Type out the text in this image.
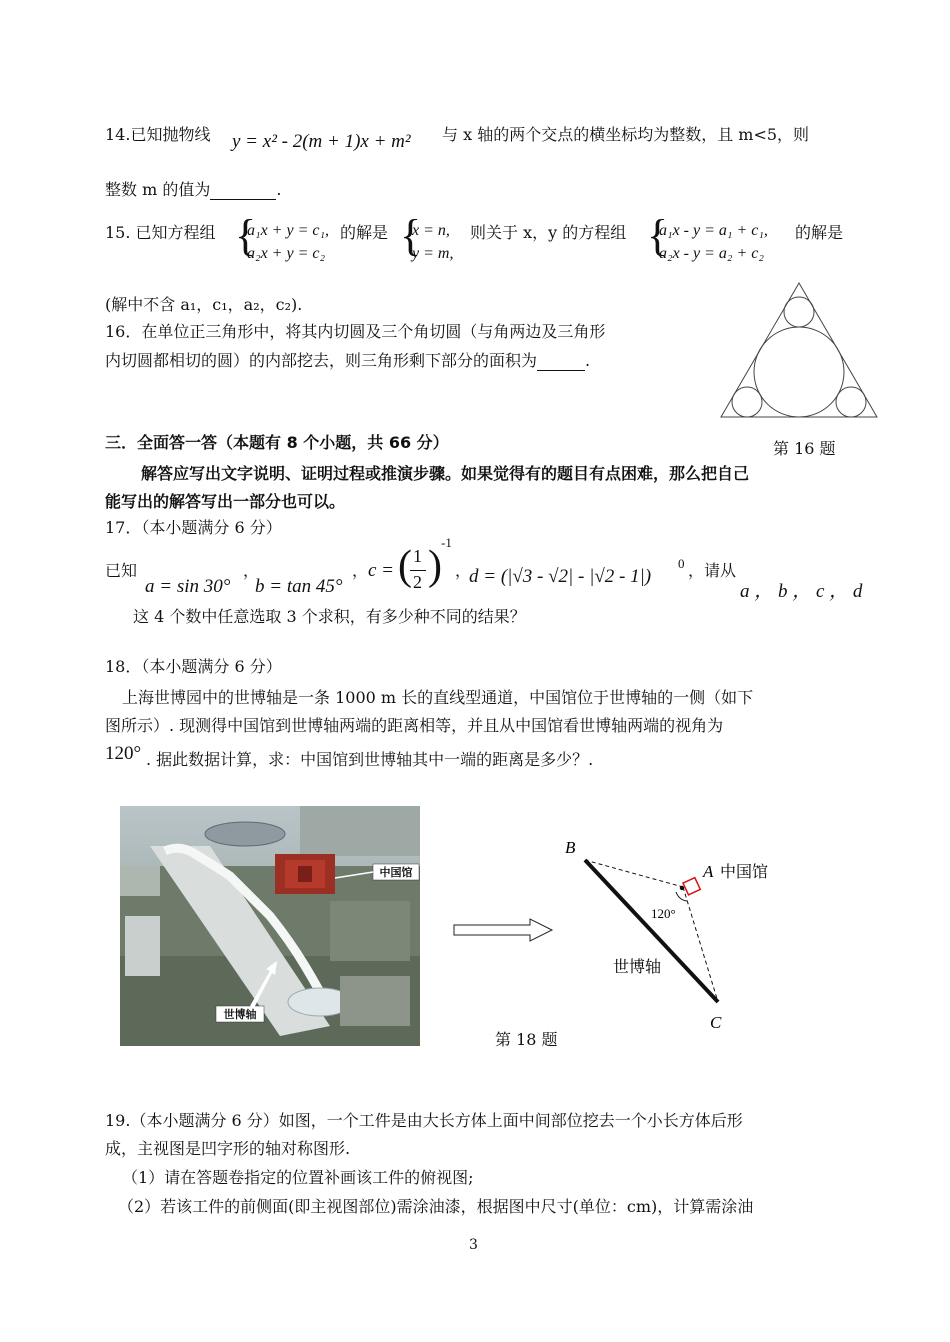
14.已知抛物线 y = x² - 2(m + 1)x + m² 与 x 轴的两个交点的横坐标均为整数，且 m<5，则
整数 m 的值为	.
15. 已知方程组 {
a₁x + y = c₁,
a₂x + y = c₂
的解是 {
x = n,
y = m,
则关于 x，y 的方程组 {
a₁x - y = a₁ + c₁,
a₂x - y = a₂ + c₂
的解是
(解中不含 a₁，c₁，a₂，c₂).
16．在单位正三角形中，将其内切圆及三个角切圆（与角两边及三角形
内切圆都相切的圆）的内部挖去，则三角形剩下部分的面积为	.
第 16 题
三．全面答一答（本题有 8 个小题，共 66 分）
解答应写出文字说明、证明过程或推演步骤。如果觉得有的题目有点困难，那么把自己
能写出的解答写出一部分也可以。
17．（本小题满分 6 分）
已知
a = sin 30°
，
b = tan 45°
， c = ( 1
2 )
-1
，
d = (|√3 - √2| - |√2 - 1|)
0 ，请从
a ， b ， c ， d
这 4 个数中任意选取 3 个求积，有多少种不同的结果？
18．（本小题满分 6 分）
上海世博园中的世博轴是一条 1000 m 长的直线型通道，中国馆位于世博轴的一侧（如下
图所示）. 现测得中国馆到世博轴两端的距离相等，并且从中国馆看世博轴两端的视角为
120° . 据此数据计算，求：中国馆到世博轴其中一端的距离是多少？.
中国馆
世博轴
B
A 中国馆
C
120°
世博轴
第 18 题
19.（本小题满分 6 分）如图，一个工件是由大长方体上面中间部位挖去一个小长方体后形
成，主视图是凹字形的轴对称图形.
（1）请在答题卷指定的位置补画该工件的俯视图;
（2）若该工件的前侧面(即主视图部位)需涂油漆，根据图中尺寸(单位：cm)，计算需涂油
3
